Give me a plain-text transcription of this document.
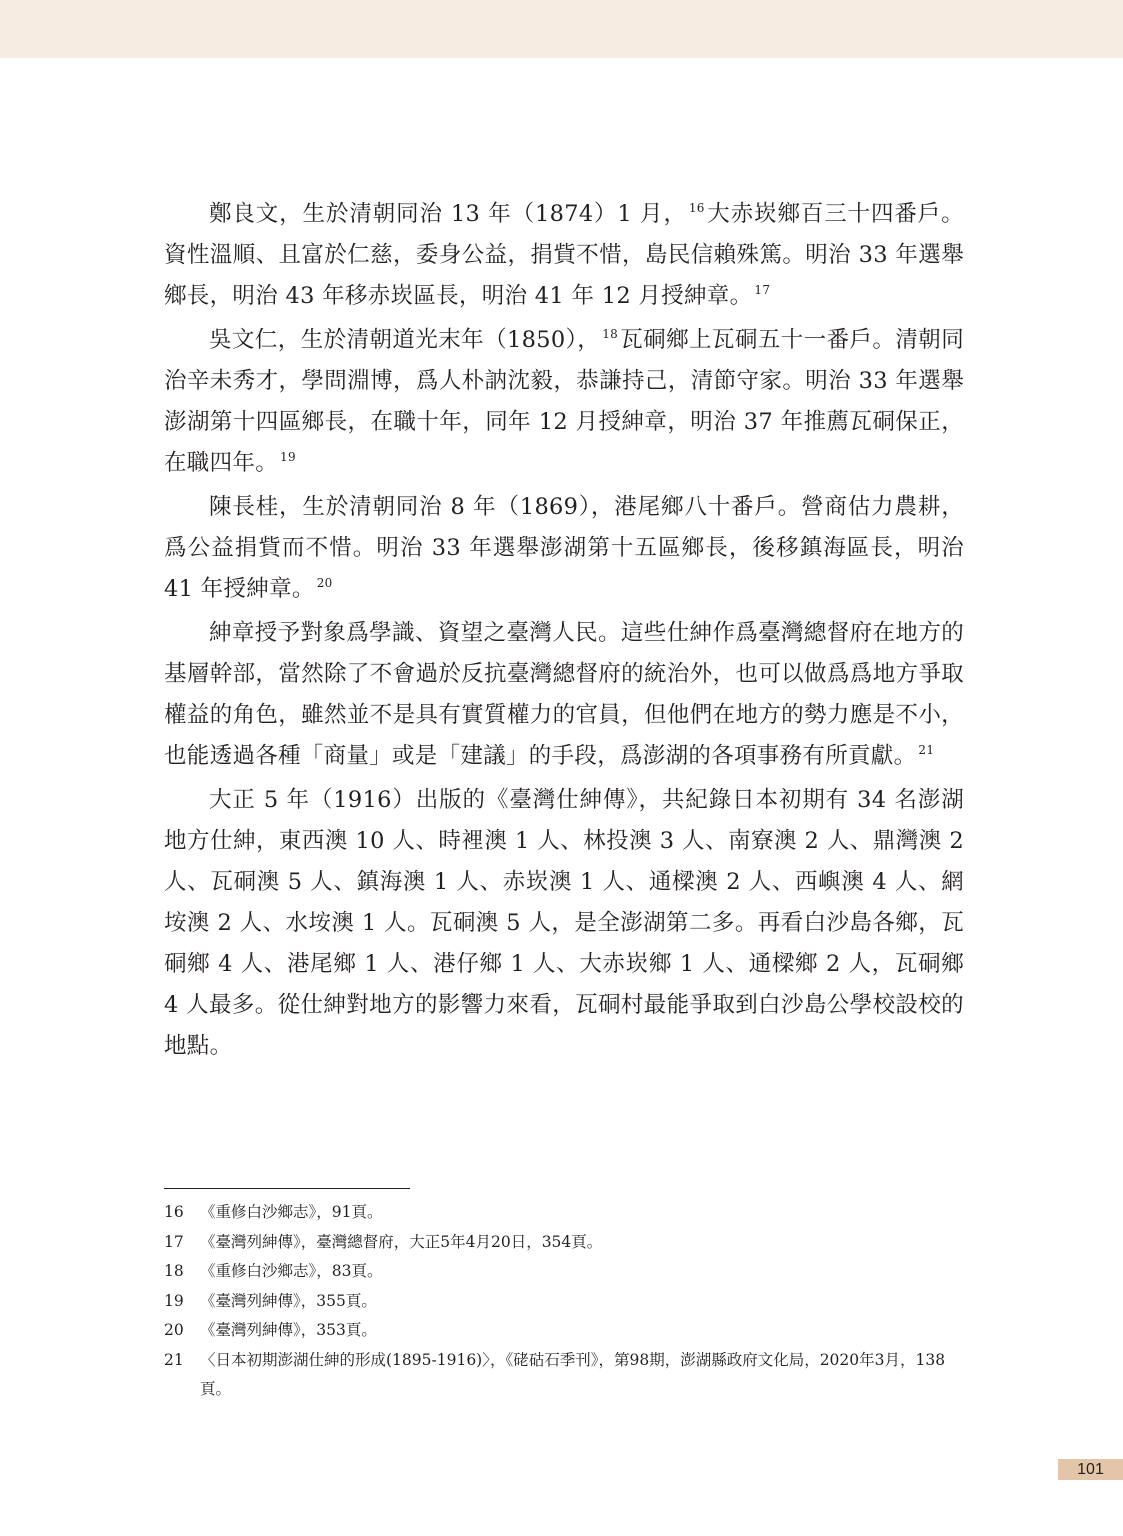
鄭良文，生於清朝同治 13 年（1874）1 月， $^{16}$大赤崁鄉百三十四番戶。資性溫順、且富於仁慈，委身公益，捐貲不惜，島民信賴殊篤。明治 33 年選舉鄉長，明治 43 年移赤崁區長，明治 41 年 12 月授紳章。 $^{17}$

吳文仁，生於清朝道光末年（1850）， $^{18}$瓦硐鄉上瓦硐五十一番戶。清朝同治辛未秀才，學問淵博，爲人朴訥沈毅，恭謙持己，清節守家。明治 33 年選舉澎湖第十四區鄉長，在職十年，同年 12 月授紳章，明治 37 年推薦瓦硐保正，在職四年。 $^{19}$

陳長桂，生於清朝同治 8 年（1869），港尾鄉八十番戶。營商估力農耕，爲公益捐貲而不惜。明治 33 年選舉澎湖第十五區鄉長，後移鎮海區長，明治 41 年授紳章。 $^{20}$

紳章授予對象爲學識、資望之臺灣人民。這些仕紳作爲臺灣總督府在地方的基層幹部，當然除了不會過於反抗臺灣總督府的統治外，也可以做爲爲地方爭取權益的角色，雖然並不是具有實質權力的官員，但他們在地方的勢力應是不小，也能透過各種「商量」或是「建議」的手段，爲澎湖的各項事務有所貢獻。 $^{21}$

大正 5 年（1916）出版的《臺灣仕紳傳》，共紀錄日本初期有 34 名澎湖地方仕紳，東西澳 10 人、時裡澳 1 人、林投澳 3 人、南寮澳 2 人、鼎灣澳 2 人、瓦硐澳 5 人、鎮海澳 1 人、赤崁澳 1 人、通樑澳 2 人、西嶼澳 4 人、網垵澳 2 人、水垵澳 1 人。瓦硐澳 5 人，是全澎湖第二多。再看白沙島各鄉，瓦硐鄉 4 人、港尾鄉 1 人、港仔鄉 1 人、大赤崁鄉 1 人、通樑鄉 2 人，瓦硐鄉 4 人最多。從仕紳對地方的影響力來看，瓦硐村最能爭取到白沙島公學校設校的地點。

16	《重修白沙鄉志》，91頁。
17	《臺灣列紳傳》，臺灣總督府，大正5年4月20日，354頁。
18	《重修白沙鄉志》，83頁。
19	《臺灣列紳傳》，355頁。
20	《臺灣列紳傳》，353頁。
21	〈日本初期澎湖仕紳的形成(1895-1916)〉，《硓𥑮石季刊》，第98期，澎湖縣政府文化局，2020年3月，138頁。
101
